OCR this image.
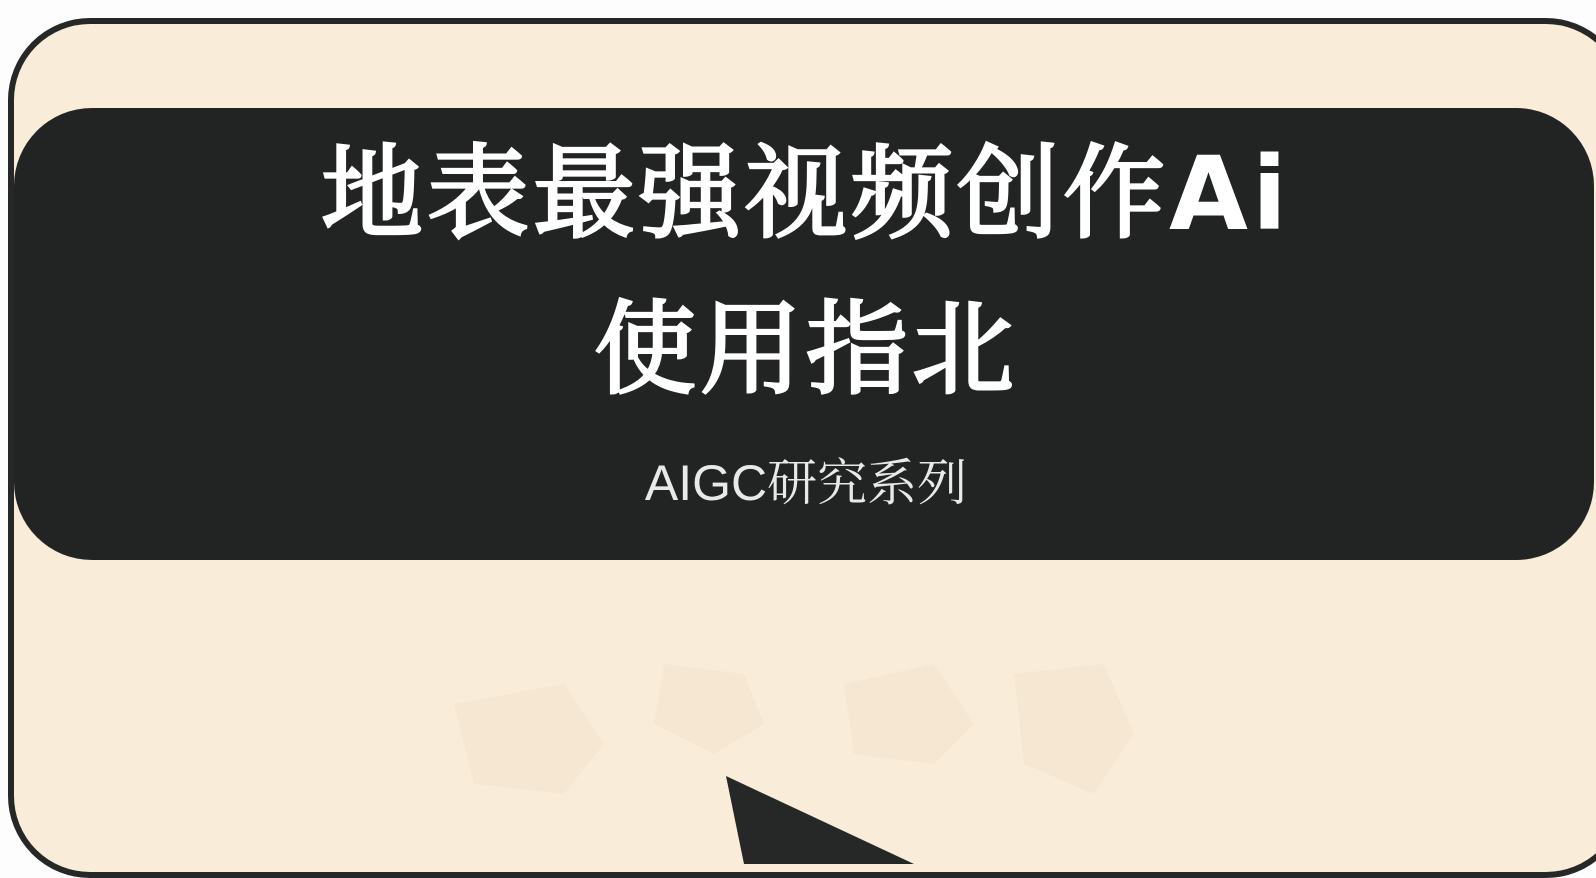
地表最强视频创作Ai
使用指北
AIGC研究系列
